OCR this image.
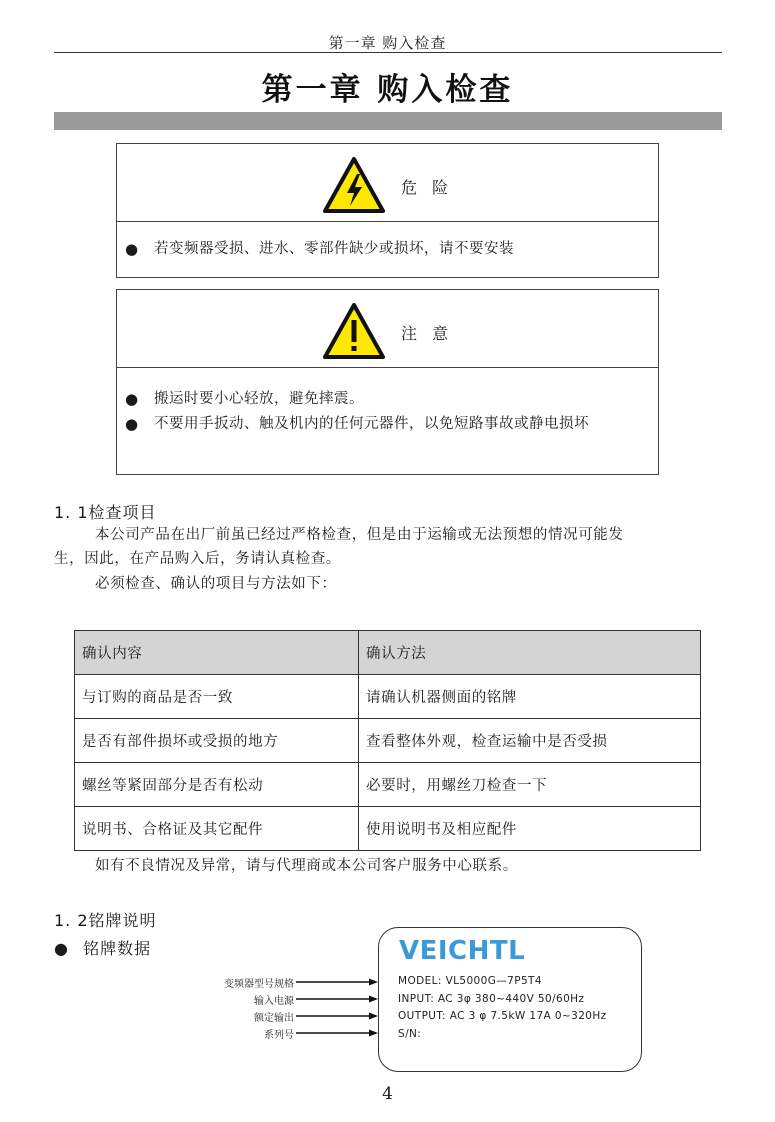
第一章 购入检查
第一章 购入检查
危 险
● 若变频器受损、进水、零部件缺少或损坏，请不要安装
注 意
● 搬运时要小心轻放，避免摔震。
● 不要用手扳动、触及机内的任何元器件，以免短路事故或静电损坏
1. 1检查项目
本公司产品在出厂前虽已经过严格检查，但是由于运输或无法预想的情况可能发
生，因此，在产品购入后，务请认真检查。
必须检查、确认的项目与方法如下：
确认内容	确认方法
与订购的商品是否一致	请确认机器侧面的铭牌
是否有部件损坏或受损的地方	查看整体外观，检查运输中是否受损
螺丝等紧固部分是否有松动	必要时，用螺丝刀检查一下
说明书、合格证及其它配件	使用说明书及相应配件
如有不良情况及异常，请与代理商或本公司客户服务中心联系。
1. 2铭牌说明
● 铭牌数据
变频器型号规格
输入电源
额定输出
系列号
VEICHTL
MODEL: VL5000G—7P5T4
INPUT: AC 3φ 380~440V 50/60Hz
OUTPUT: AC 3 φ 7.5kW 17A 0~320Hz
S/N:
4
